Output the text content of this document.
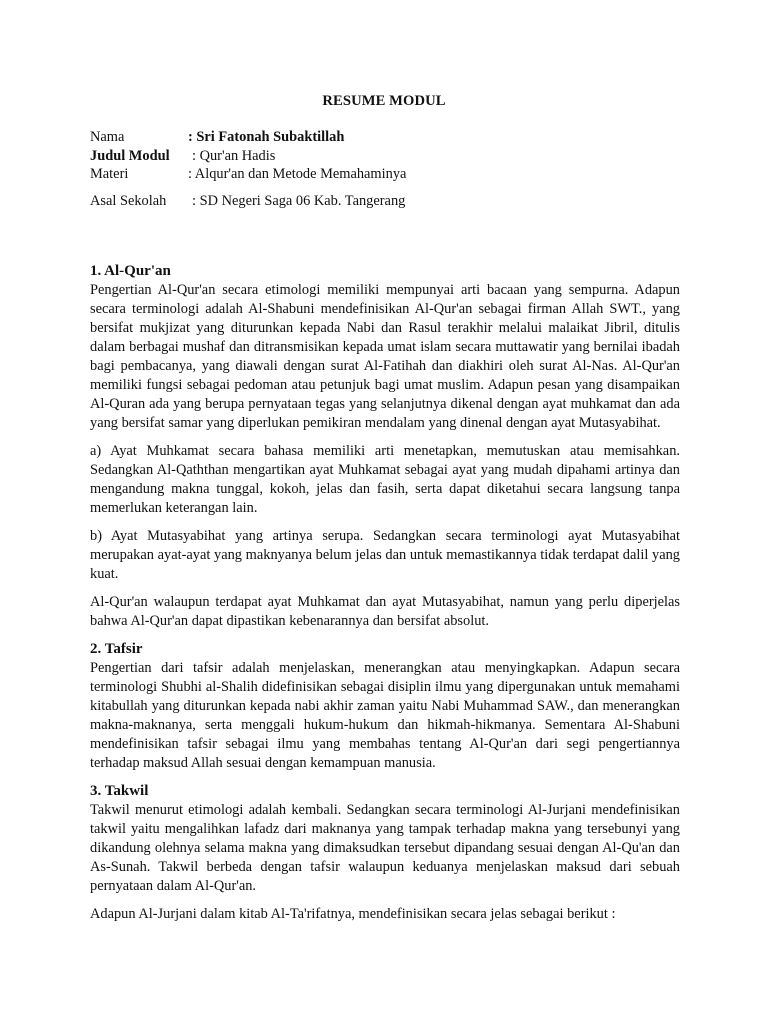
RESUME MODUL
Nama	: Sri Fatonah Subaktillah
Judul Modul : Qur'an Hadis
Materi	: Alqur'an dan Metode Memahaminya
Asal Sekolah : SD Negeri Saga 06 Kab. Tangerang
1. Al-Qur'an

Pengertian Al-Qur'an secara etimologi memiliki mempunyai arti bacaan yang sempurna. Adapun secara terminologi adalah Al-Shabuni mendefinisikan Al-Qur'an sebagai firman Allah SWT., yang bersifat mukjizat yang diturunkan kepada Nabi dan Rasul terakhir melalui malaikat Jibril, ditulis dalam berbagai mushaf dan ditransmisikan kepada umat islam secara muttawatir yang bernilai ibadah bagi pembacanya, yang diawali dengan surat Al-Fatihah dan diakhiri oleh surat Al-Nas. Al-Qur'an memiliki fungsi sebagai pedoman atau petunjuk bagi umat muslim. Adapun pesan yang disampaikan Al-Quran ada yang berupa pernyataan tegas yang selanjutnya dikenal dengan ayat muhkamat dan ada yang bersifat samar yang diperlukan pemikiran mendalam yang dinenal dengan ayat Mutasyabihat.

a) Ayat Muhkamat secara bahasa memiliki arti menetapkan, memutuskan atau memisahkan. Sedangkan Al-Qaththan mengartikan ayat Muhkamat sebagai ayat yang mudah dipahami artinya dan mengandung makna tunggal, kokoh, jelas dan fasih, serta dapat diketahui secara langsung tanpa memerlukan keterangan lain.

b) Ayat Mutasyabihat yang artinya serupa. Sedangkan secara terminologi ayat Mutasyabihat merupakan ayat-ayat yang maknyanya belum jelas dan untuk memastikannya tidak terdapat dalil yang kuat.

Al-Qur'an walaupun terdapat ayat Muhkamat dan ayat Mutasyabihat, namun yang perlu diperjelas bahwa Al-Qur'an dapat dipastikan kebenarannya dan bersifat absolut.

2. Tafsir

Pengertian dari tafsir adalah menjelaskan, menerangkan atau menyingkapkan. Adapun secara terminologi Shubhi al-Shalih didefinisikan sebagai disiplin ilmu yang dipergunakan untuk memahami kitabullah yang diturunkan kepada nabi akhir zaman yaitu Nabi Muhammad SAW., dan menerangkan makna-maknanya, serta menggali hukum-hukum dan hikmah-hikmanya. Sementara Al-Shabuni mendefinisikan tafsir sebagai ilmu yang membahas tentang Al-Qur'an dari segi pengertiannya terhadap maksud Allah sesuai dengan kemampuan manusia.

3. Takwil

Takwil menurut etimologi adalah kembali. Sedangkan secara terminologi Al-Jurjani mendefinisikan takwil yaitu mengalihkan lafadz dari maknanya yang tampak terhadap makna yang tersebunyi yang dikandung olehnya selama makna yang dimaksudkan tersebut dipandang sesuai dengan Al-Qu'an dan As-Sunah. Takwil berbeda dengan tafsir walaupun keduanya menjelaskan maksud dari sebuah pernyataan dalam Al-Qur'an.

Adapun Al-Jurjani dalam kitab Al-Ta'rifatnya, mendefinisikan secara jelas sebagai berikut :
